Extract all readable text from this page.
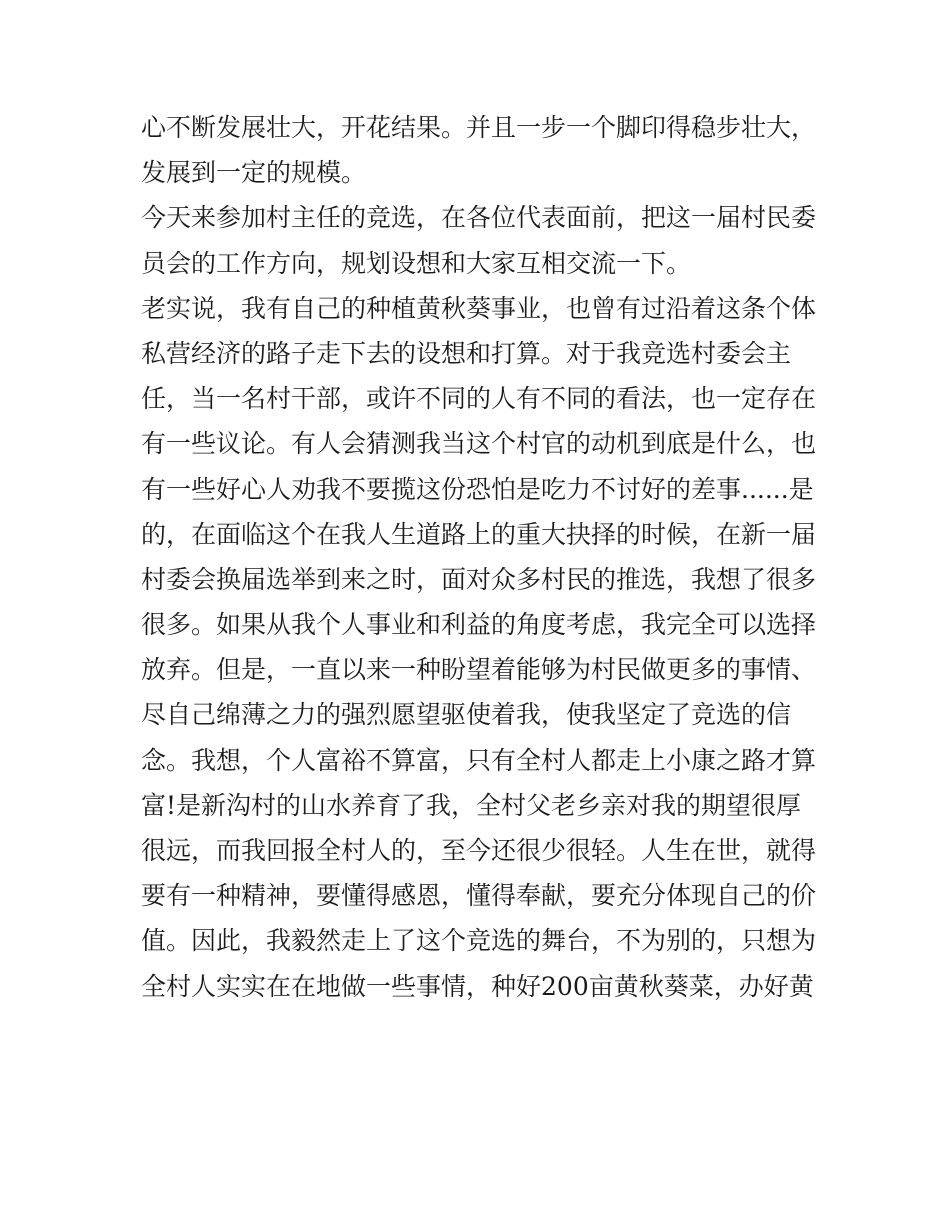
心不断发展壮大，开花结果。并且一步一个脚印得稳步壮大，
发展到一定的规模。
今天来参加村主任的竞选，在各位代表面前，把这一届村民委
员会的工作方向，规划设想和大家互相交流一下。
老实说，我有自己的种植黄秋葵事业，也曾有过沿着这条个体
私营经济的路子走下去的设想和打算。对于我竞选村委会主
任，当一名村干部，或许不同的人有不同的看法，也一定存在
有一些议论。有人会猜测我当这个村官的动机到底是什么，也
有一些好心人劝我不要揽这份恐怕是吃力不讨好的差事......是
的，在面临这个在我人生道路上的重大抉择的时候，在新一届
村委会换届选举到来之时，面对众多村民的推选，我想了很多
很多。如果从我个人事业和利益的角度考虑，我完全可以选择
放弃。但是，一直以来一种盼望着能够为村民做更多的事情、
尽自己绵薄之力的强烈愿望驱使着我，使我坚定了竞选的信
念。我想，个人富裕不算富，只有全村人都走上小康之路才算
富!是新沟村的山水养育了我，全村父老乡亲对我的期望很厚
很远，而我回报全村人的，至今还很少很轻。人生在世，就得
要有一种精神，要懂得感恩，懂得奉献，要充分体现自己的价
值。因此，我毅然走上了这个竞选的舞台，不为别的，只想为
全村人实实在在地做一些事情，种好200亩黄秋葵菜，办好黄
